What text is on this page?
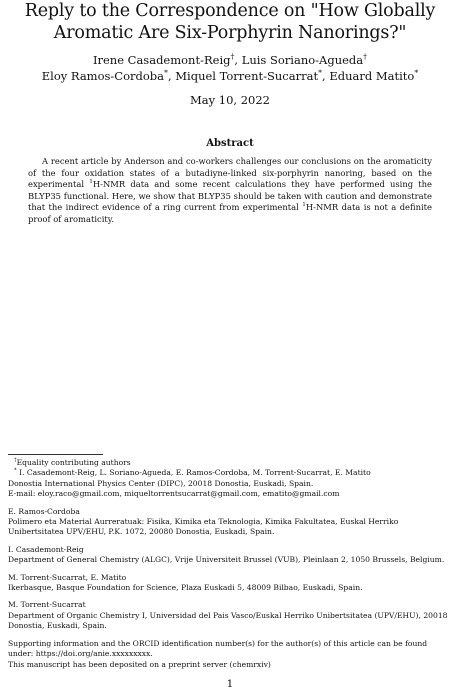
Reply to the Correspondence on "How Globally Aromatic Are Six-Porphyrin Nanorings?"
Irene Casademont-Reig†, Luis Soriano-Agueda†
Eloy Ramos-Cordoba*, Miquel Torrent-Sucarrat*, Eduard Matito*
May 10, 2022
Abstract
A recent article by Anderson and co-workers challenges our conclusions on the aromaticity of the four oxidation states of a butadiyne-linked six-porphyrin nanoring, based on the experimental $^1$H-NMR data and some recent calculations they have performed using the BLYP35 functional. Here, we show that BLYP35 should be taken with caution and demonstrate that the indirect evidence of a ring current from experimental $^1$H-NMR data is not a definite proof of aromaticity.

†Equality contributing authors

* I. Casademont-Reig, L. Soriano-Agueda, E. Ramos-Cordoba, M. Torrent-Sucarrat, E. Matito

Donostia International Physics Center (DIPC), 20018 Donostia, Euskadi, Spain.

E-mail: eloy.raco@gmail.com, miqueltorrentsucarrat@gmail.com, ematito@gmail.com

E. Ramos-Cordoba

Polimero eta Material Aurreratuak: Fisika, Kimika eta Teknologia, Kimika Fakultatea, Euskal Herriko Unibertsitatea UPV/EHU, P.K. 1072, 20080 Donostia, Euskadi, Spain.

I. Casademont-Reig

Department of General Chemistry (ALGC), Vrije Universiteit Brussel (VUB), Pleinlaan 2, 1050 Brussels, Belgium.

M. Torrent-Sucarrat, E. Matito

Ikerbasque, Basque Foundation for Science, Plaza Euskadi 5, 48009 Bilbao, Euskadi, Spain.

M. Torrent-Sucarrat

Department of Organic Chemistry I, Universidad del Pais Vasco/Euskal Herriko Unibertsitatea (UPV/EHU), 20018 Donostia, Euskadi, Spain.

Supporting information and the ORCID identification number(s) for the author(s) of this article can be found under: https://doi.org/anie.xxxxxxxxx.

This manuscript has been deposited on a preprint server (chemrxiv)

1
